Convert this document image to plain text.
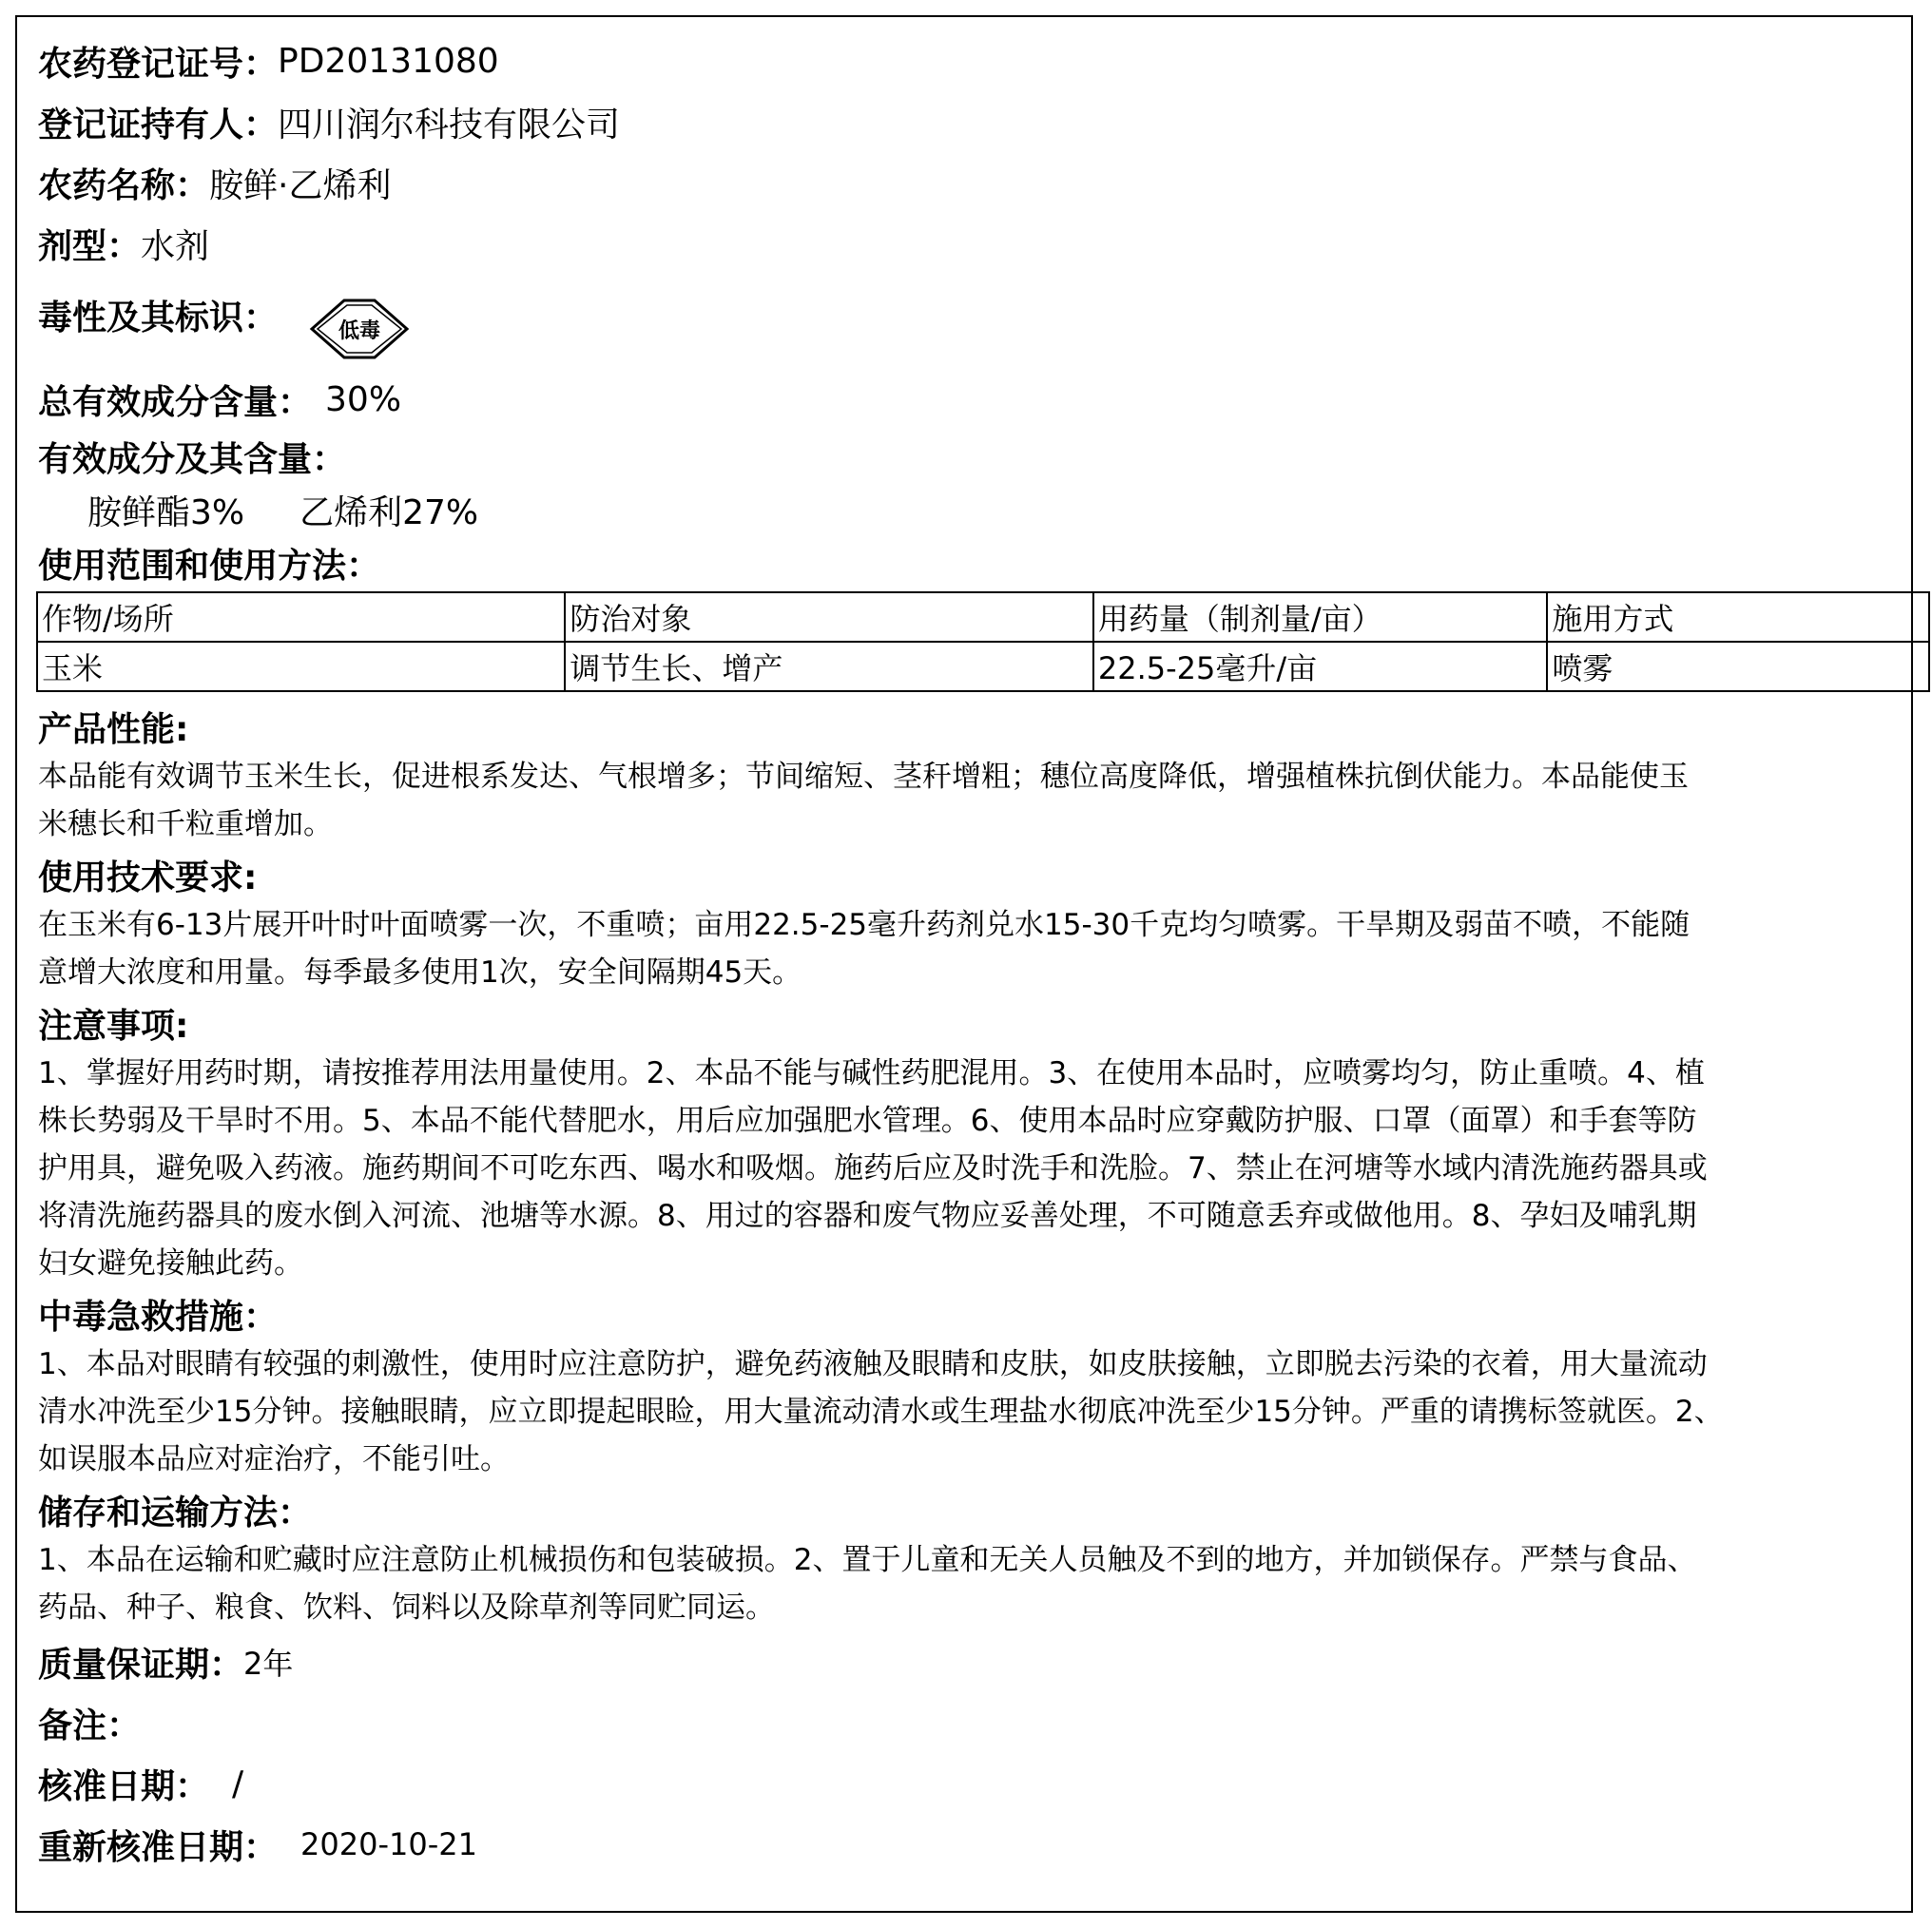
农药登记证号： PD20131080
登记证持有人： 四川润尔科技有限公司
农药名称： 胺鲜·乙烯利
剂型： 水剂
毒性及其标识：	低毒
总有效成分含量： 30%
有效成分及其含量：
胺鲜酯3% 乙烯利27%
使用范围和使用方法：
作物/场所	防治对象	用药量（制剂量/亩）	施用方式
玉米	调节生长、增产	22.5-25毫升/亩	喷雾
产品性能:

本品能有效调节玉米生长，促进根系发达、气根增多；节间缩短、茎秆增粗；穗位高度降低，增强植株抗倒伏能力。本品能使玉
米穗长和千粒重增加。

使用技术要求:

在玉米有6-13片展开叶时叶面喷雾一次，不重喷；亩用22.5-25毫升药剂兑水15-30千克均匀喷雾。干旱期及弱苗不喷，不能随
意增大浓度和用量。每季最多使用1次，安全间隔期45天。

注意事项:

1、掌握好用药时期，请按推荐用法用量使用。2、本品不能与碱性药肥混用。3、在使用本品时，应喷雾均匀，防止重喷。4、植
株长势弱及干旱时不用。5、本品不能代替肥水，用后应加强肥水管理。6、使用本品时应穿戴防护服、口罩（面罩）和手套等防
护用具，避免吸入药液。施药期间不可吃东西、喝水和吸烟。施药后应及时洗手和洗脸。7、禁止在河塘等水域内清洗施药器具或
将清洗施药器具的废水倒入河流、池塘等水源。8、用过的容器和废气物应妥善处理，不可随意丢弃或做他用。8、孕妇及哺乳期
妇女避免接触此药。

中毒急救措施：

1、本品对眼睛有较强的刺激性，使用时应注意防护，避免药液触及眼睛和皮肤，如皮肤接触，立即脱去污染的衣着，用大量流动
清水冲洗至少15分钟。接触眼睛，应立即提起眼睑，用大量流动清水或生理盐水彻底冲洗至少15分钟。严重的请携标签就医。2、
如误服本品应对症治疗，不能引吐。

储存和运输方法：

1、本品在运输和贮藏时应注意防止机械损伤和包装破损。2、置于儿童和无关人员触及不到的地方，并加锁保存。严禁与食品、
药品、种子、粮食、饮料、饲料以及除草剂等同贮同运。

质量保证期： 2年
备注：
核准日期： /
重新核准日期： 2020-10-21
